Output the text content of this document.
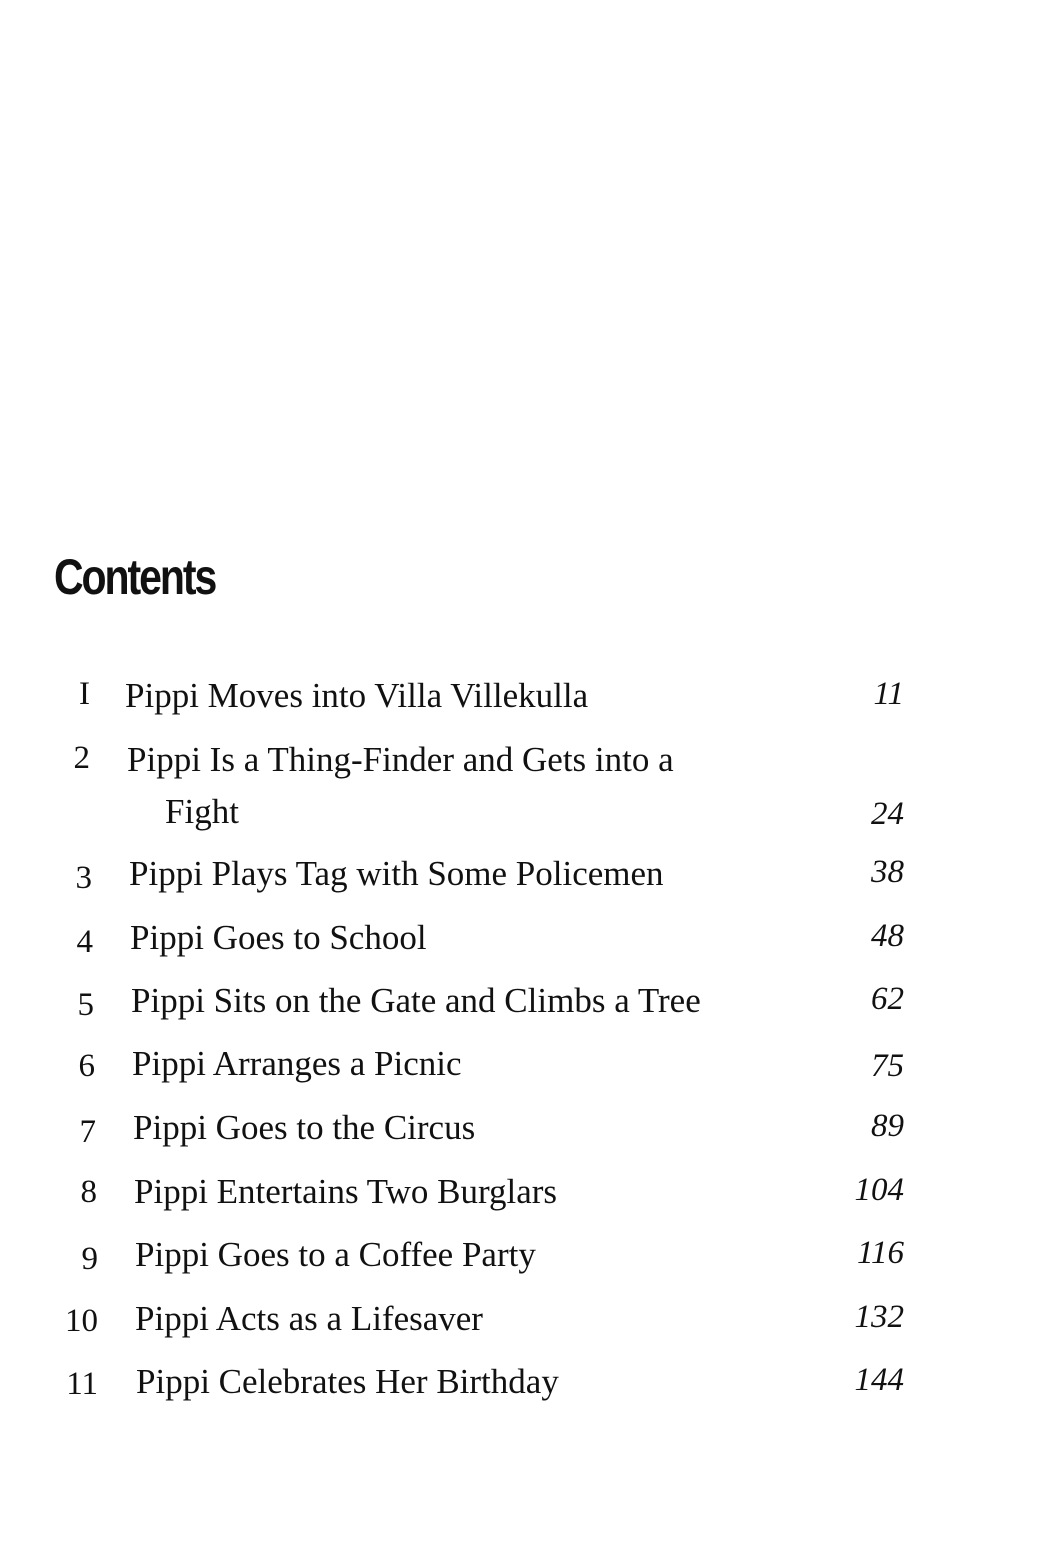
Contents
I Pippi Moves into Villa Villekulla	11
2 Pippi Is a Thing-Finder and Gets into a
Fight	24
3 Pippi Plays Tag with Some Policemen	38
4 Pippi Goes to School	48
5 Pippi Sits on the Gate and Climbs a Tree	62
6 Pippi Arranges a Picnic	75
7 Pippi Goes to the Circus	89
8 Pippi Entertains Two Burglars	104
9 Pippi Goes to a Coffee Party	116
10 Pippi Acts as a Lifesaver	132
11 Pippi Celebrates Her Birthday	144
